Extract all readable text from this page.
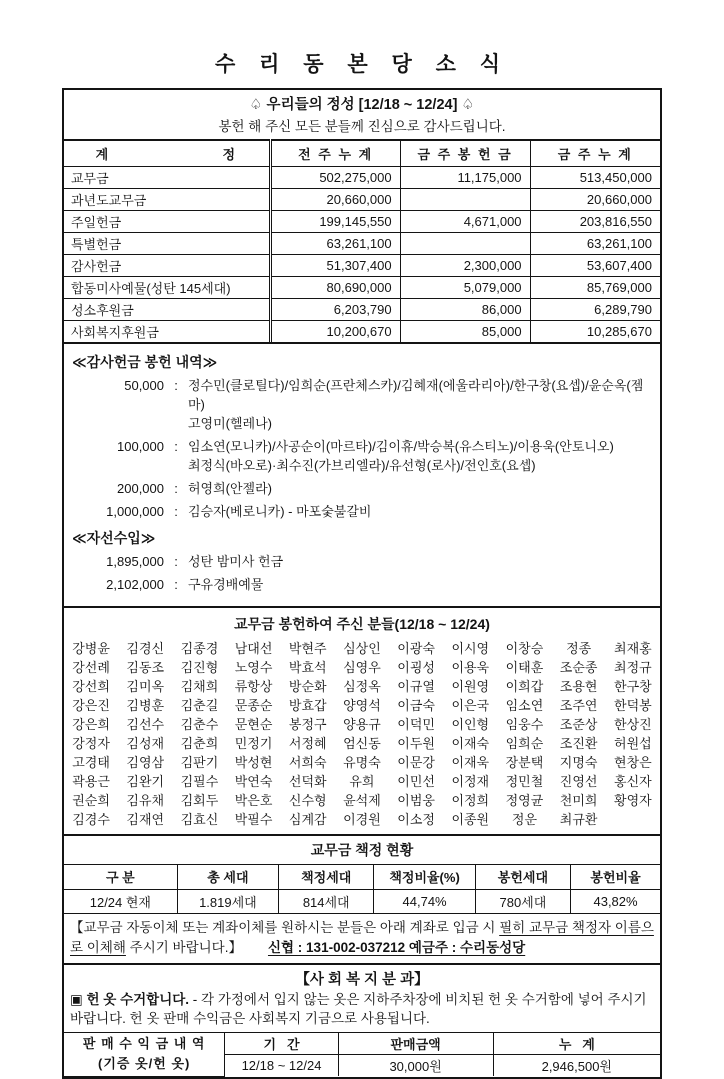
수 리 동 본 당 소 식
♤ 우리들의 정성 [12/18 ~ 12/24] ♤
봉헌 해 주신 모든 분들께 진심으로 감사드립니다.
계                    정	전 주 누 계	금 주 봉 헌 금	금 주 누 계
교무금	502,275,000	11,175,000	513,450,000
과년도교무금	20,660,000		20,660,000
주일헌금	199,145,550	4,671,000	203,816,550
특별헌금	63,261,100		63,261,100
감사헌금	51,307,400	2,300,000	53,607,400
합동미사예물(성탄 145세대)	80,690,000	5,079,000	85,769,000
성소후원금	6,203,790	86,000	6,289,790
사회복지후원금	10,200,670	85,000	10,285,670
≪감사헌금 봉헌 내역≫
50,000 : 정수민(클로틸다)/임희순(프란체스카)/김혜재(에울라리아)/한구창(요셉)/윤순옥(젬마)
고영미(헬레나)
100,000 : 임소연(모니카)/사공순이(마르타)/김이휴/박승복(유스티노)/이용욱(안토니오)
최정식(바오로)·최수진(가브리엘라)/유선형(로사)/전인호(요셉)
200,000 : 허영희(안젤라)
1,000,000 : 김승자(베로니카) - 마포숯불갈비
≪자선수입≫
1,895,000 : 성탄 밤미사 헌금
2,102,000 : 구유경배예물
교무금 봉헌하여 주신 분들(12/18 ~ 12/24)
강병윤	김경신	김종경	남대선	박현주	심상인	이광숙	이시영	이창승	정종	최재홍
강선례	김동조	김진형	노영수	박효석	심영우	이굉성	이용욱	이태훈	조순종	최정규
강선희	김미옥	김채희	류항상	방순화	심정옥	이규열	이원영	이희갑	조용현	한구창
강은진	김병훈	김춘길	문종순	방효갑	양영석	이금숙	이은국	임소연	조주연	한덕봉
강은희	김선수	김춘수	문현순	봉정구	양용규	이덕민	이인형	임웅수	조준상	한상진
강정자	김성재	김춘희	민정기	서정혜	엄신동	이두원	이재숙	임희순	조진환	허원섭
고경태	김영삼	김판기	박성현	서희숙	유명숙	이문강	이재욱	장분택	지명숙	현창은
곽용근	김완기	김필수	박연숙	선덕화	유희	이민선	이정재	정민철	진영선	홍신자
권순희	김유채	김회두	박은호	신수형	윤석제	이범웅	이정희	정영균	천미희	황영자
김경수	김재연	김효신	박필수	심계감	이경원	이소정	이종원	정운	최규환	
교무금 책정 현황
구 분	총 세대	책정세대	책정비율(%)	봉헌세대	봉헌비율
12/24 현재	1.819세대	814세대	44,74%	780세대	43,82%
【교무금 자동이체 또는 계좌이체를 원하시는 분들은 아래 계좌로 입금 시 필히 교무금 책정자 이름으로 이체해 주시기 바랍니다.】 신협 : 131-002-037212 예금주 : 수리동성당
【사 회 복 지 분 과】
▣ 헌 옷 수거합니다. - 각 가정에서 입지 않는 옷은 지하주차장에 비치된 헌 옷 수거함에 넣어 주시기 바랍니다. 헌 옷 판매 수익금은 사회복지 기금으로 사용됩니다.
판 매 수 익 금 내 역
(기증 옷/헌 옷)	기   간	판매금액	누   계
	12/18 ~ 12/24	30,000원	2,946,500원
